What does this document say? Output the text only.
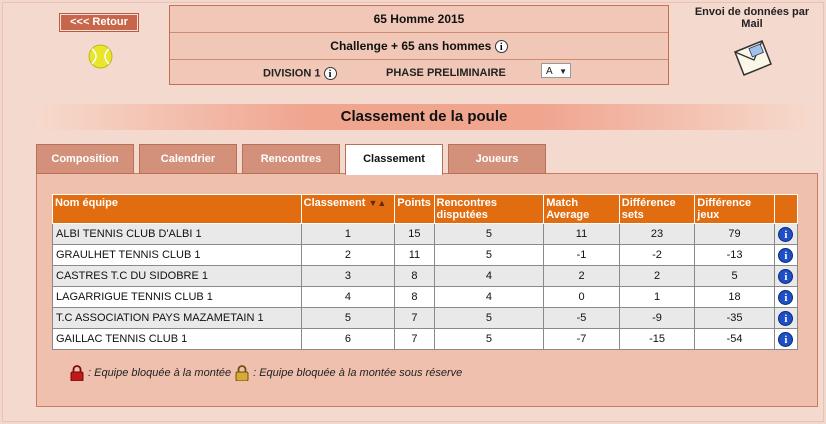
<<< Retour	65 Homme 2015
Challenge + 65 ans hommes i
DIVISION 1 i	PHASE PRELIMINAIRE	A ▼
Envoi de données par Mail
Classement de la poule
Composition	Calendrier	Rencontres	Classement	Joueurs
Nom équipe	Classement ▼▲	Points	Rencontres disputées	Match Average	Différence sets	Différence jeux	
ALBI TENNIS CLUB D'ALBI 1	1	15	5	11	23	79	i
GRAULHET TENNIS CLUB 1	2	11	5	-1	-2	-13	i
CASTRES T.C DU SIDOBRE 1	3	8	4	2	2	5	i
LAGARRIGUE TENNIS CLUB 1	4	8	4	0	1	18	i
T.C ASSOCIATION PAYS MAZAMETAIN 1	5	7	5	-5	-9	-35	i
GAILLAC TENNIS CLUB 1	6	7	5	-7	-15	-54	i
: Equipe bloquée à la montée : Equipe bloquée à la montée sous réserve
